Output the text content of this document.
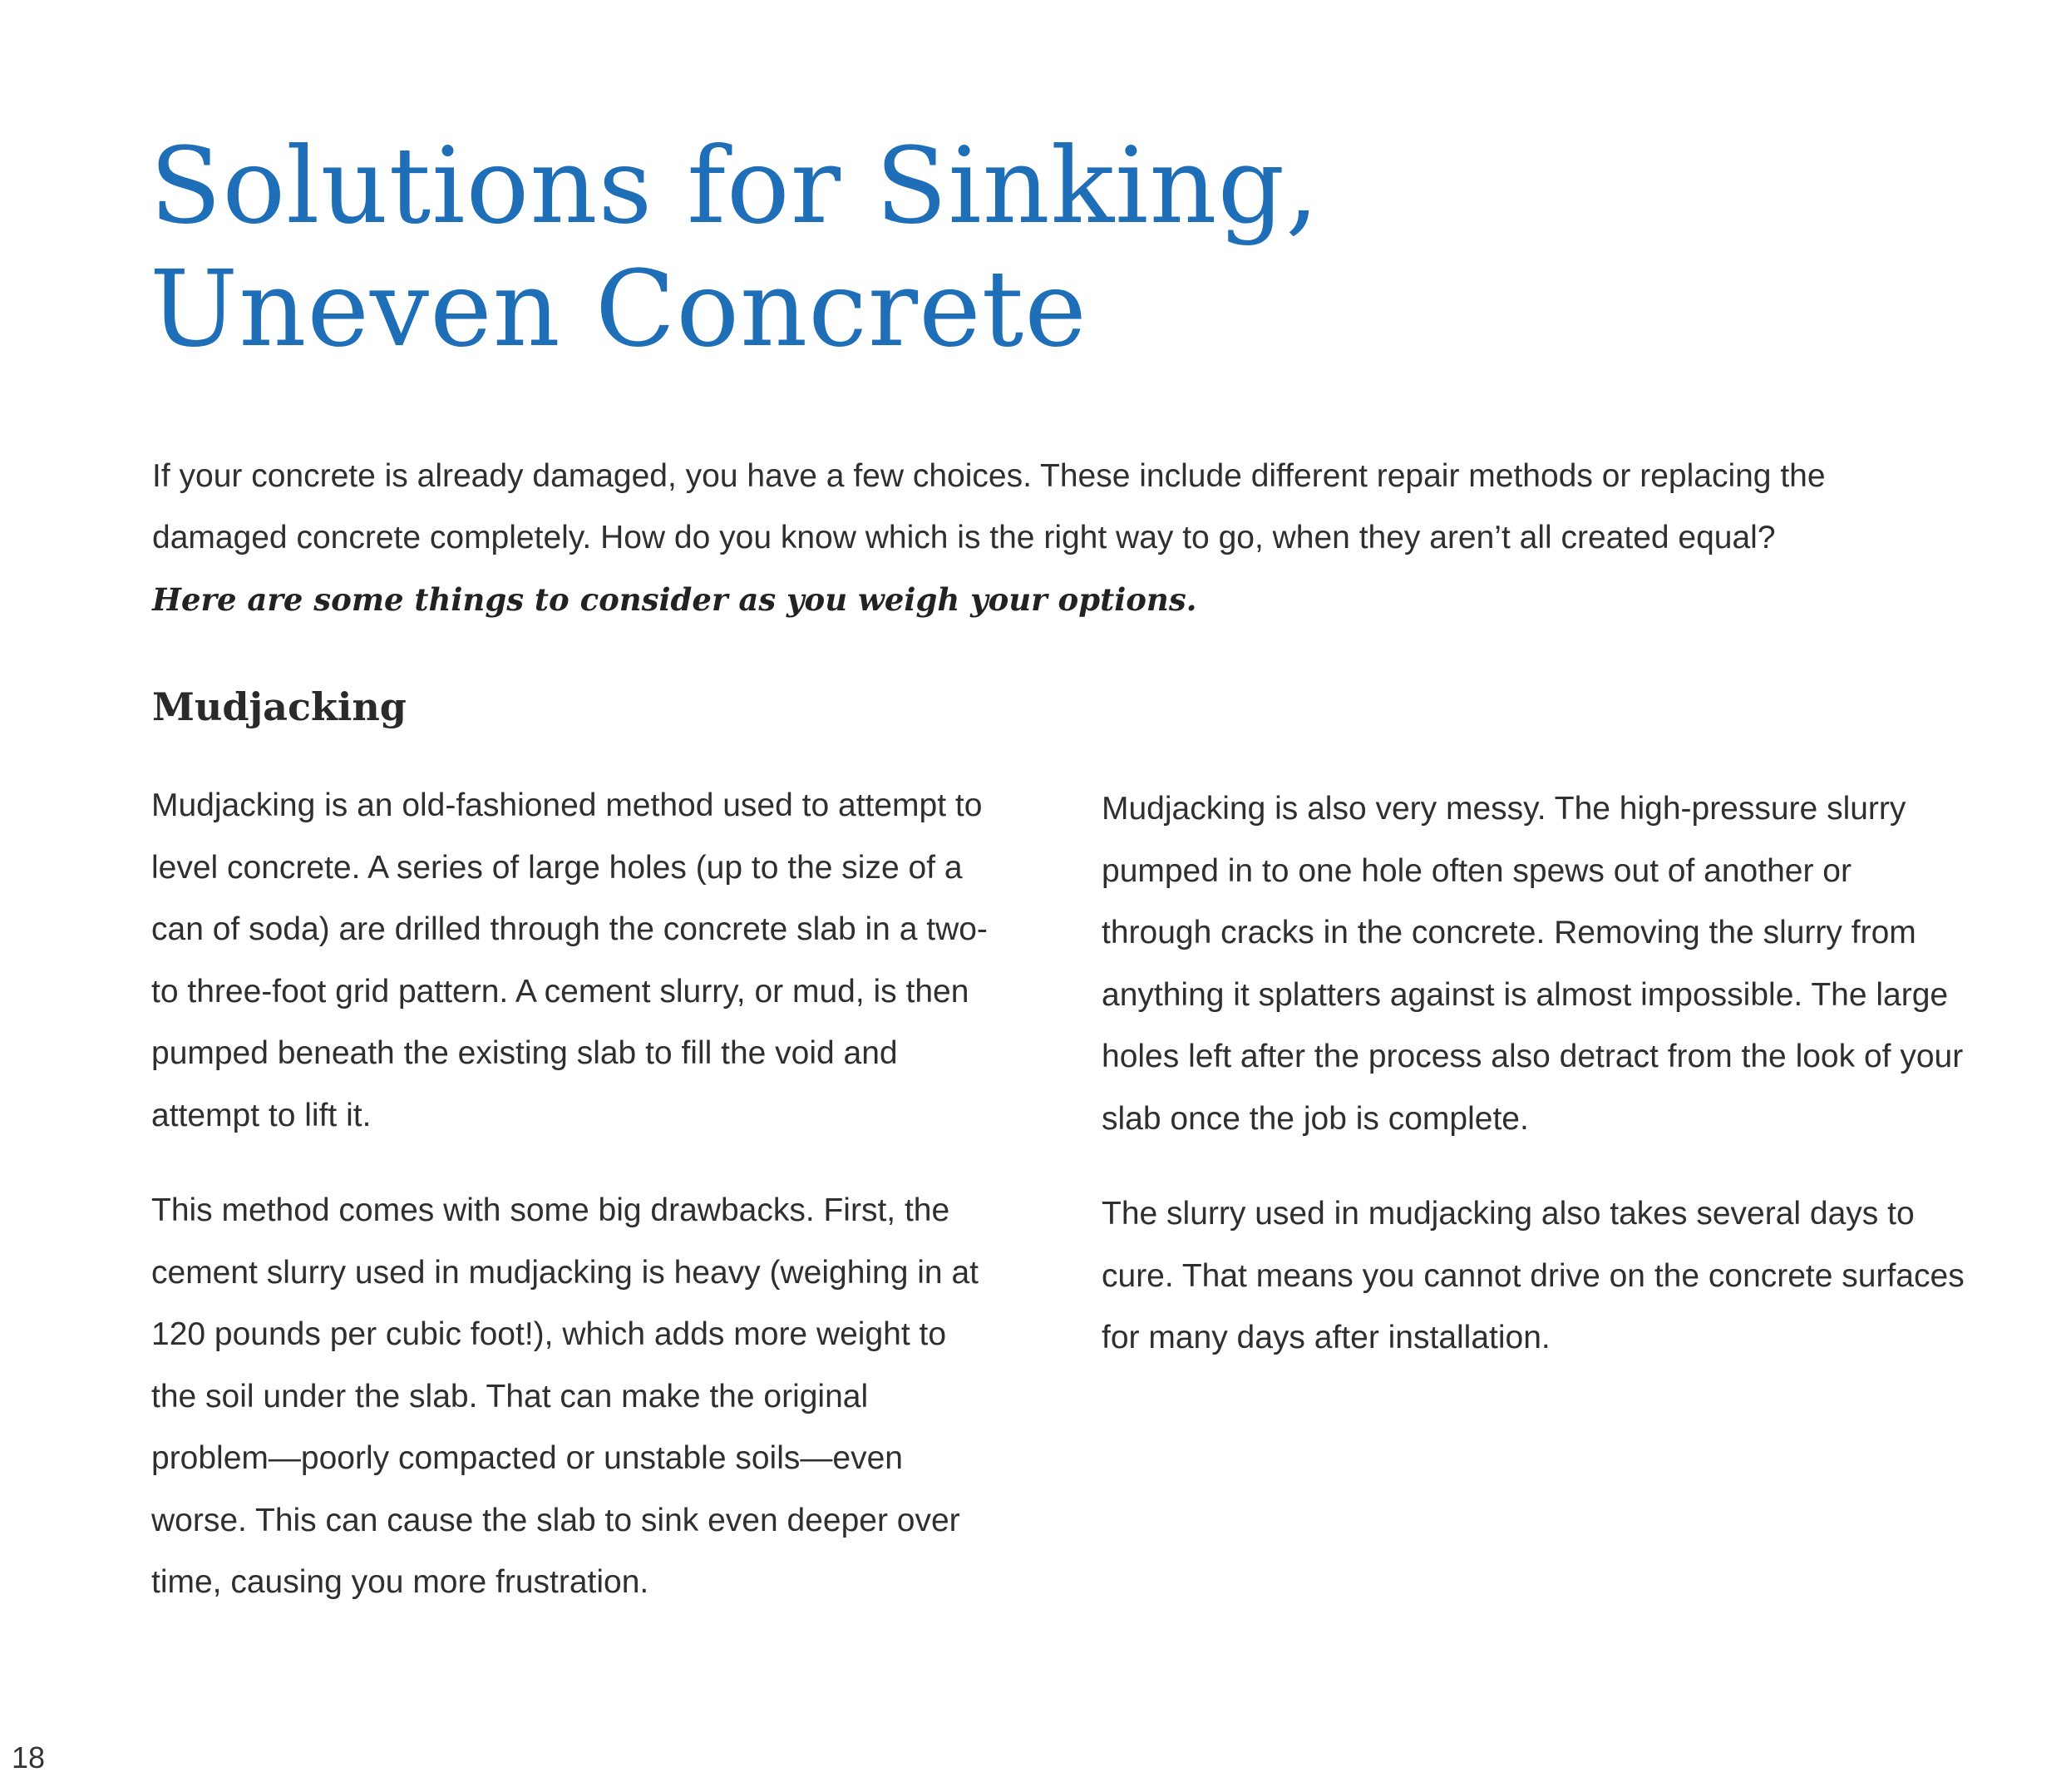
Solutions for Sinking,
Uneven Concrete

If your concrete is already damaged, you have a few choices. These include different repair methods or replacing the damaged concrete completely. How do you know which is the right way to go, when they aren’t all created equal?
Here are some things to consider as you weigh your options.

Mudjacking

Mudjacking is an old-fashioned method used to attempt to level concrete. A series of large holes (up to the size of a can of soda) are drilled through the concrete slab in a two- to three-foot grid pattern. A cement slurry, or mud, is then pumped beneath the existing slab to fill the void and attempt to lift it.

This method comes with some big drawbacks. First, the cement slurry used in mudjacking is heavy (weighing in at 120 pounds per cubic foot!), which adds more weight to the soil under the slab. That can make the original problem—poorly compacted or unstable soils—even worse. This can cause the slab to sink even deeper over time, causing you more frustration.

Mudjacking is also very messy. The high-pressure slurry pumped in to one hole often spews out of another or through cracks in the concrete. Removing the slurry from anything it splatters against is almost impossible. The large holes left after the process also detract from the look of your slab once the job is complete.

The slurry used in mudjacking also takes several days to cure. That means you cannot drive on the concrete surfaces for many days after installation.

18
